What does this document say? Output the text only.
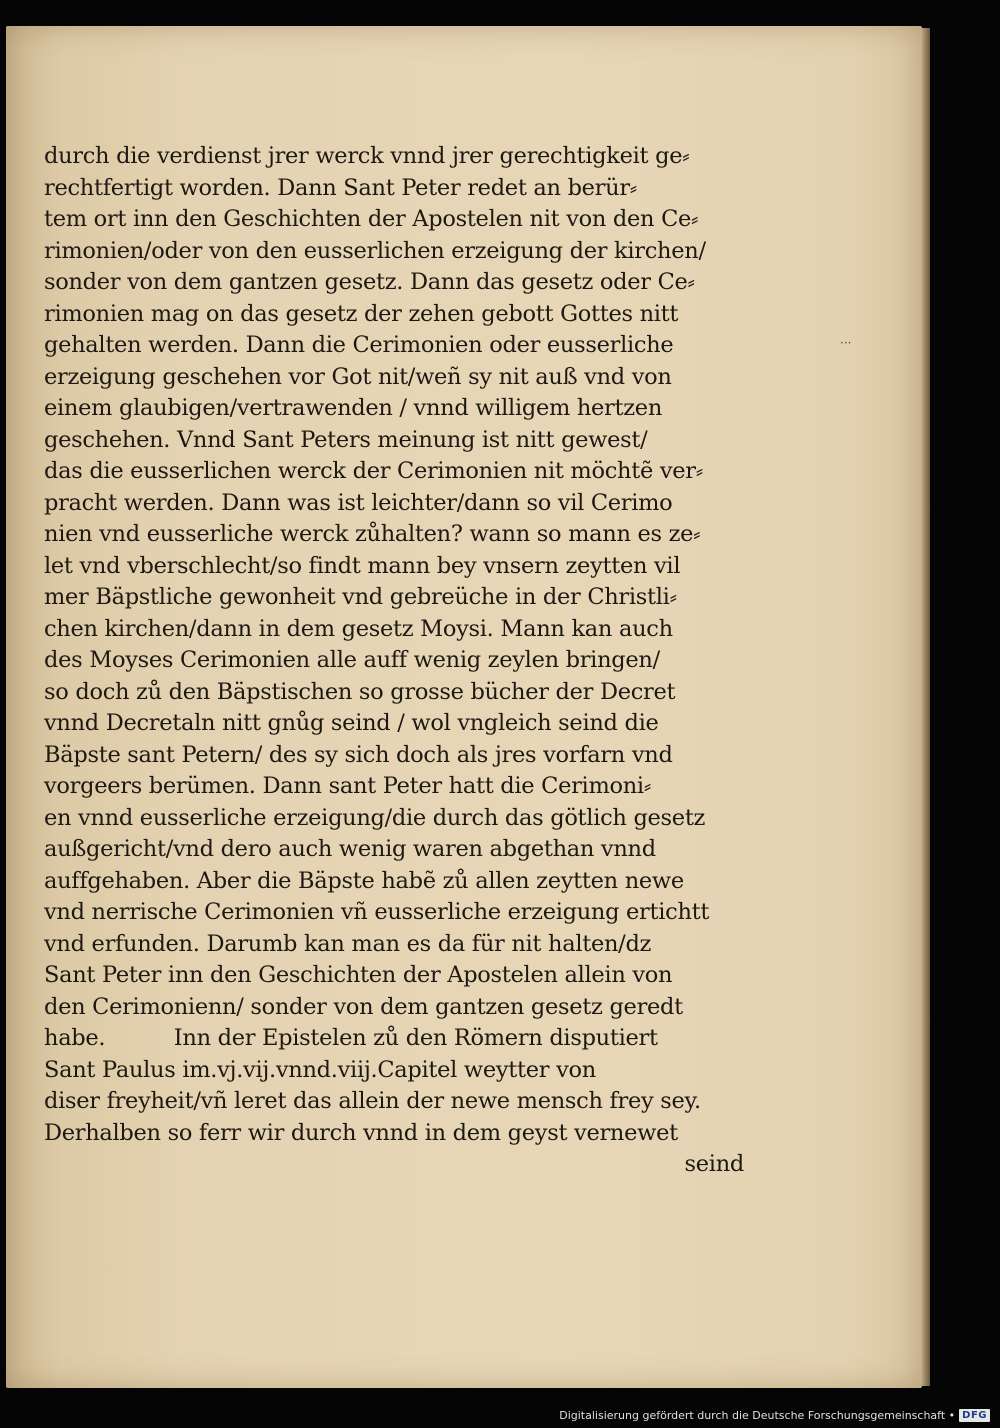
·‧·
durch die verdienst jrer werck vnnd jrer gerechtigkeit ge⸗
rechtfertigt worden. Dann Sant Peter redet an berür⸗
tem ort inn den Geschichten der Apostelen nit von den Ce⸗
rimonien/oder von den eusserlichen erzeigung der kirchen/
sonder von dem gantzen gesetz. Dann das gesetz oder Ce⸗
rimonien mag on das gesetz der zehen gebott Gottes nitt
gehalten werden. Dann die Cerimonien oder eusserliche
erzeigung geschehen vor Got nit/weñ sy nit auß vnd von
einem glaubigen/vertrawenden / vnnd willigem hertzen
geschehen. Vnnd Sant Peters meinung ist nitt gewest/
das die eusserlichen werck der Cerimonien nit möchtẽ ver⸗
pracht werden. Dann was ist leichter/dann so vil Cerimo
nien vnd eusserliche werck zůhalten? wann so mann es ze⸗
let vnd vberschlecht/so findt mann bey vnsern zeytten vil
mer Bäpstliche gewonheit vnd gebreüche in der Christli⸗
chen kirchen/dann in dem gesetz Moysi. Mann kan auch
des Moyses Cerimonien alle auff wenig zeylen bringen/
so doch zů den Bäpstischen so grosse bücher der Decret
vnnd Decretaln nitt gnůg seind / wol vngleich seind die
Bäpste sant Petern/ des sy sich doch als jres vorfarn vnd
vorgeers berümen. Dann sant Peter hatt die Cerimoni⸗
en vnnd eusserliche erzeigung/die durch das götlich gesetz
außgericht/vnd dero auch wenig waren abgethan vnnd
auffgehaben. Aber die Bäpste habẽ zů allen zeytten newe
vnd nerrische Cerimonien vñ eusserliche erzeigung ertichtt
vnd erfunden. Darumb kan man es da für nit halten/dz
Sant Peter inn den Geschichten der Apostelen allein von
den Cerimonienn/ sonder von dem gantzen gesetz geredt
habe.          Inn der Epistelen zů den Römern disputiert
Sant Paulus im.vj.vij.vnnd.viij.Capitel weytter von
diser freyheit/vñ leret das allein der newe mensch frey sey.
Derhalben so ferr wir durch vnnd in dem geyst vernewet
seind
Digitalisierung gefördert durch die Deutsche Forschungsgemeinschaft • DFG
